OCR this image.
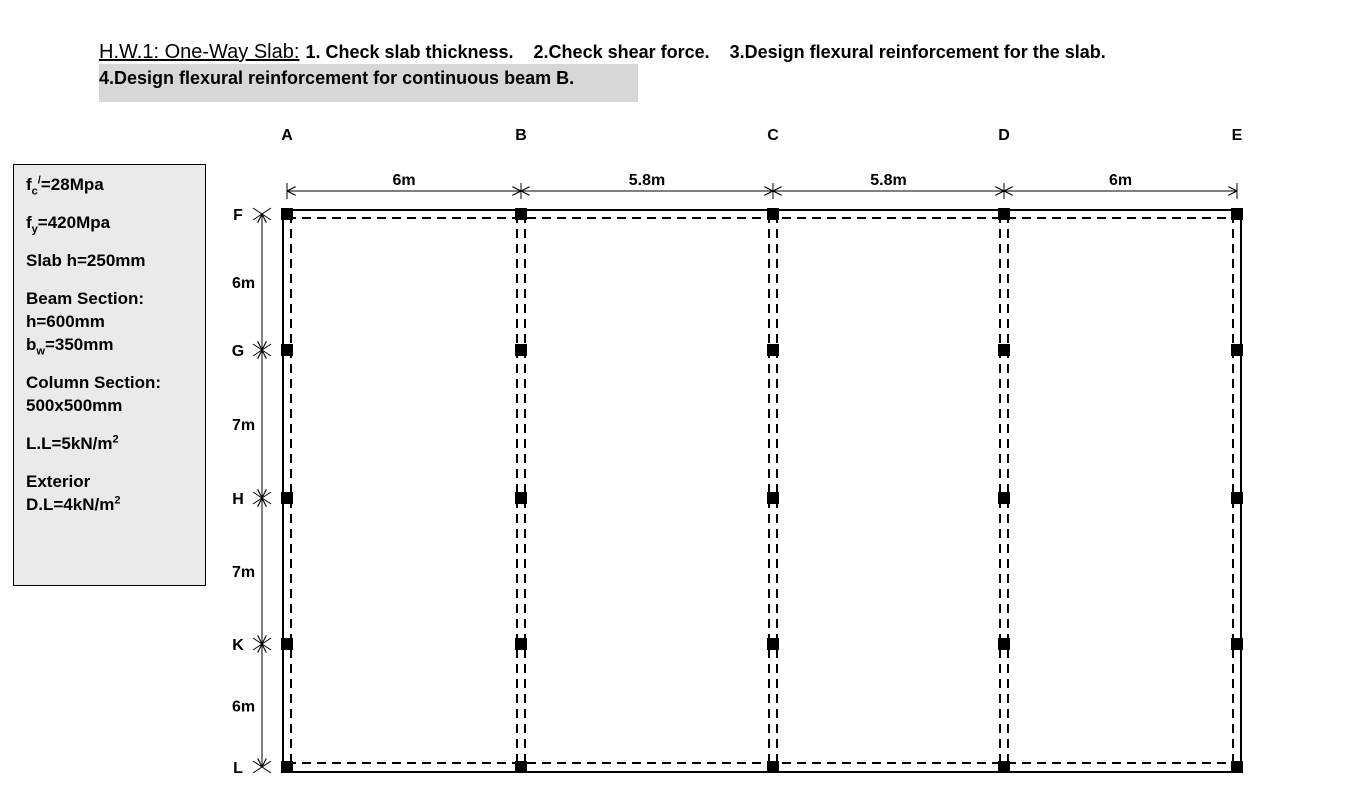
H.W.1: One-Way Slab: 1. Check slab thickness. 2.Check shear force. 3.Design flexural reinforcement for the slab.
4.Design flexural reinforcement for continuous beam B.

$f_c^/=28Mpa$

$f_y=420Mpa$

Slab h=250mm

Beam Section:

h=600mm

$b_w=350mm$

Column Section:

500x500mm

$L.L=5kN/m^2$

Exterior

$D.L=4kN/m^2$

6m	5.8m	5.8m	6m
6m
7m
7m
6m
A	B	C	D	E
F
G
H
K
L
